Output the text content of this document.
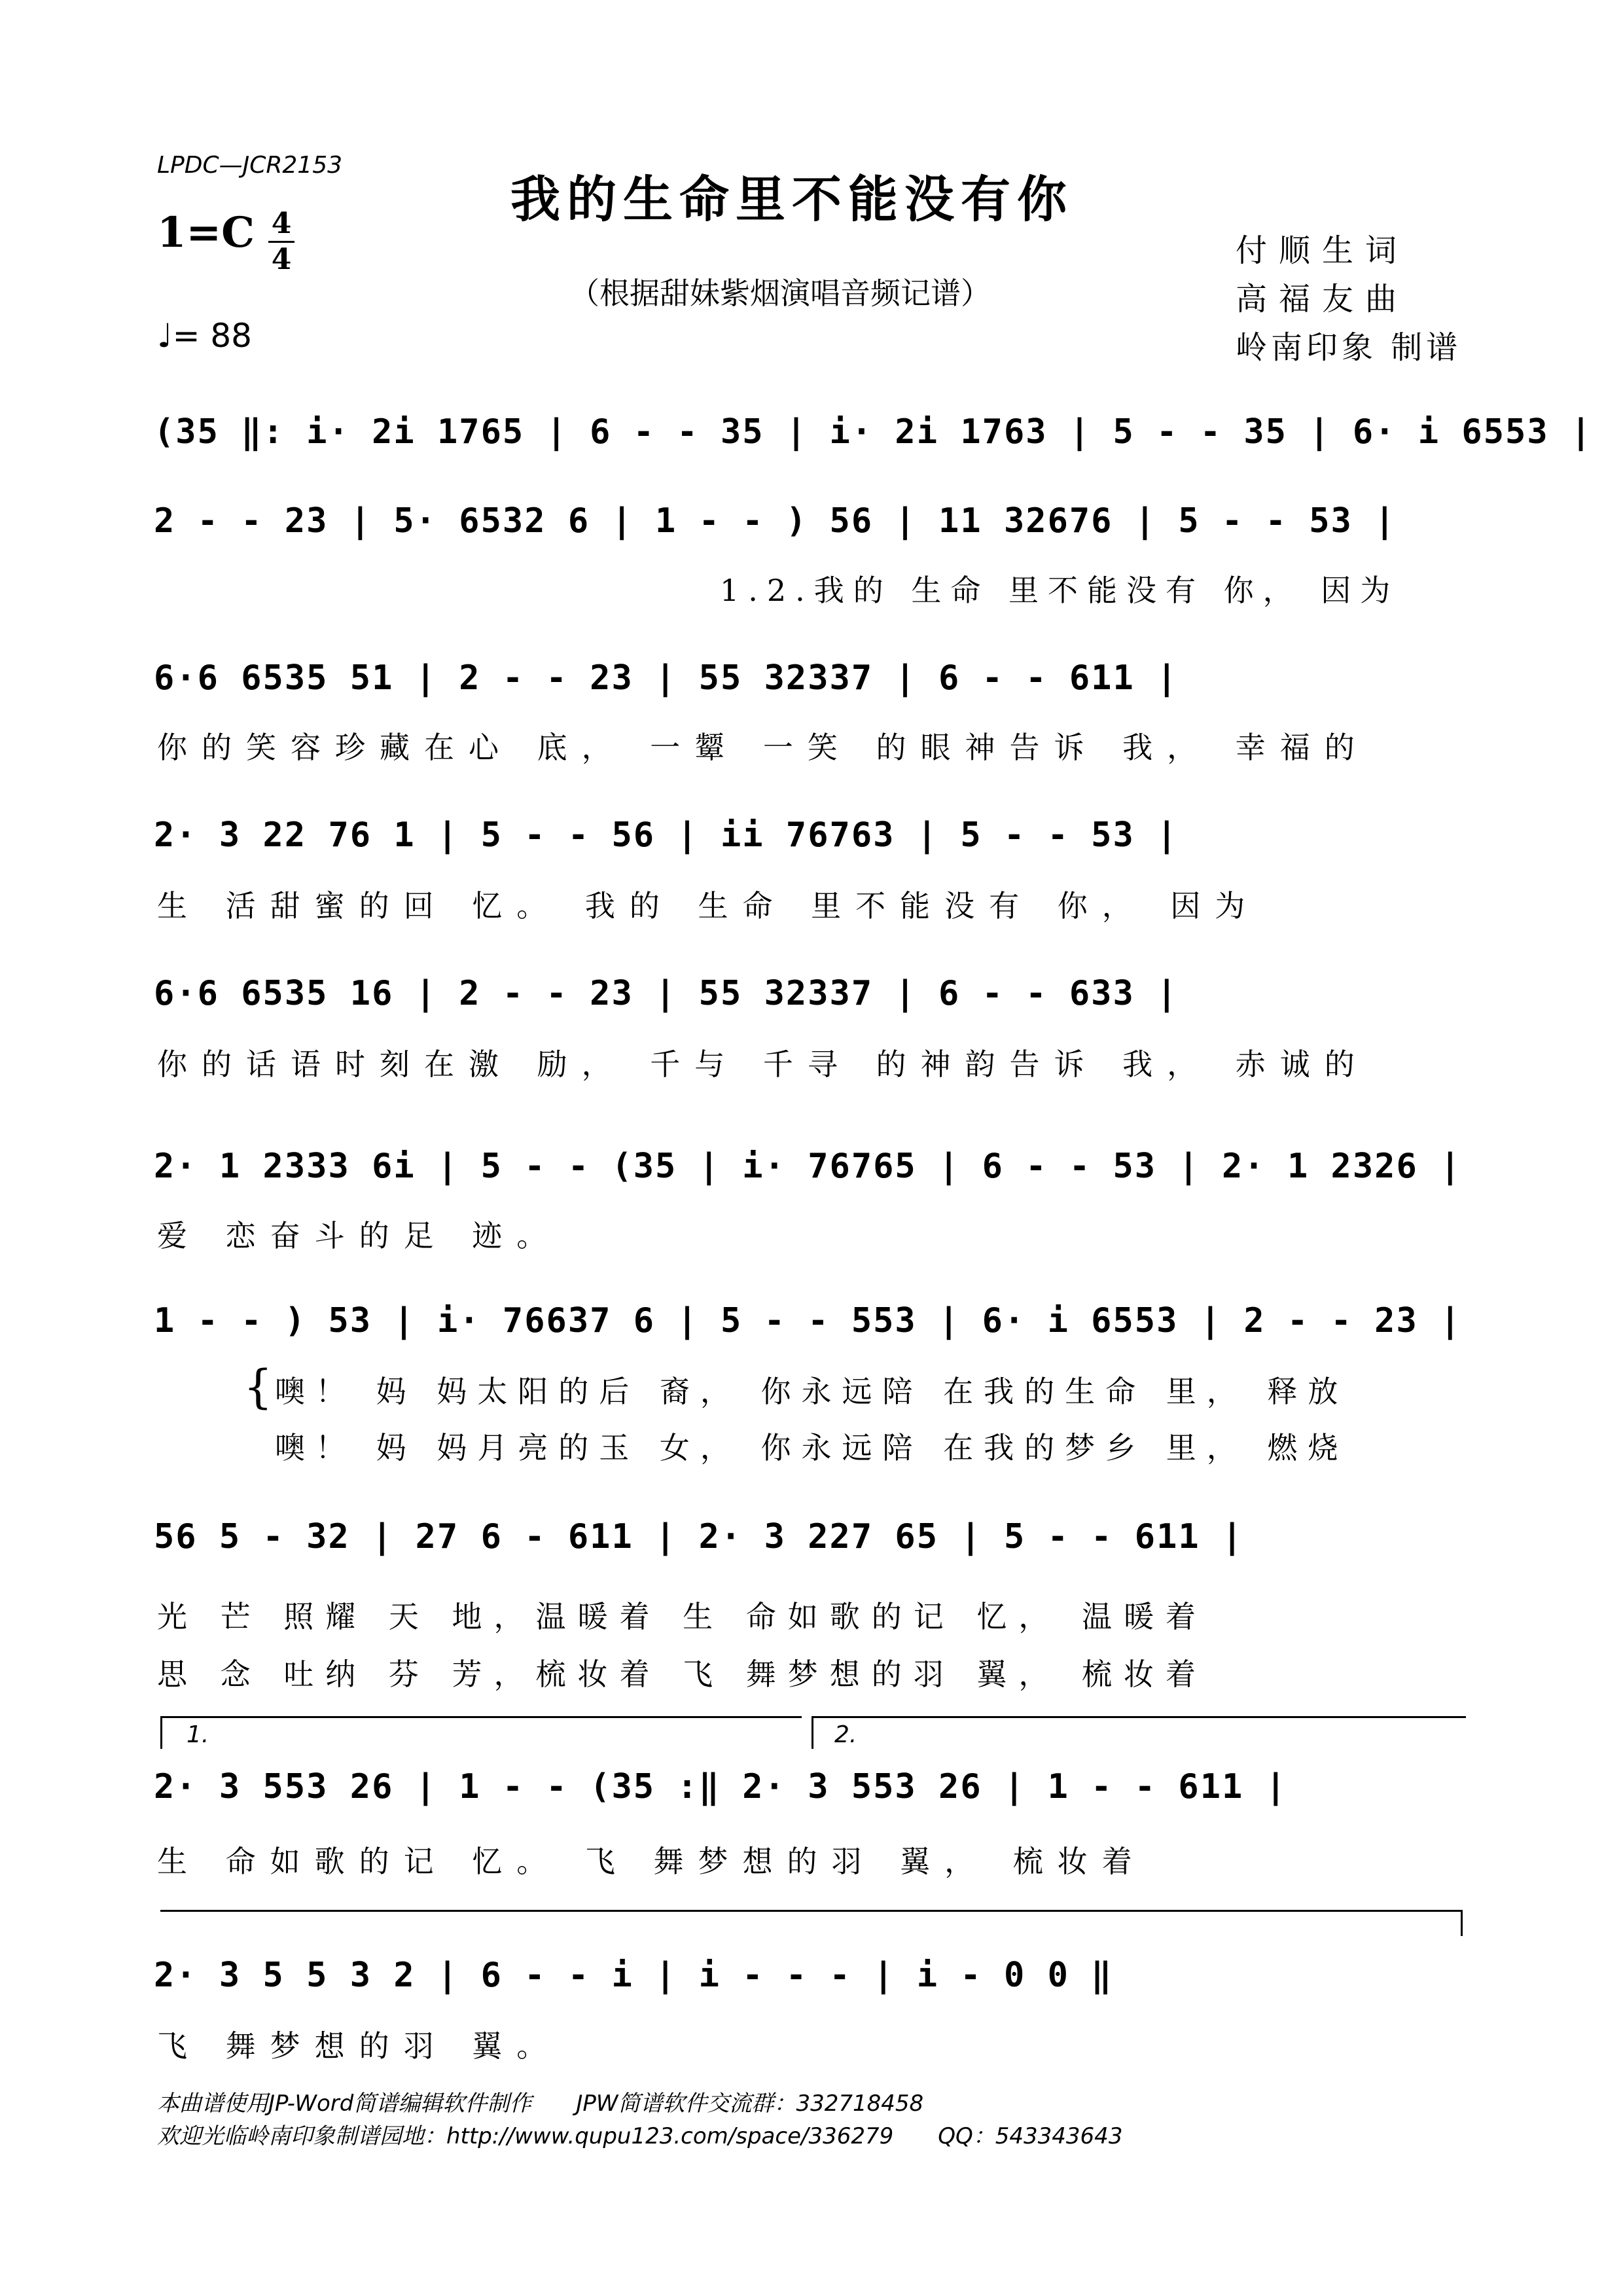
LPDC—JCR2153
我的生命里不能没有你
（根据甜妹紫烟演唱音频记谱）
1=C 4
4
♩= 88
付顺生词
高福友曲
岭南印象 制谱
(35 ‖: i· 2i 1765 | 6 - - 35 | i· 2i 1763 | 5 - - 35 | 6· i 6553 |
2 - - 23 | 5· 6532 6 | 1 - - ) 56 | 11 32676 | 5 - - 53 |
1.2.我的 生命 里不能没有 你， 因为
6·6 6535 51 | 2 - - 23 | 55 32337 | 6 - - 611 |
你的笑容珍藏在心 底， 一颦 一笑 的眼神告诉 我， 幸福的
2· 3 22 76 1 | 5 - - 56 | ii 76763 | 5 - - 53 |
生 活甜蜜的回 忆。 我的 生命 里不能没有 你， 因为
6·6 6535 16 | 2 - - 23 | 55 32337 | 6 - - 633 |
你的话语时刻在激 励， 千与 千寻 的神韵告诉 我， 赤诚的
2· 1 2333 6i | 5 - - (35 | i· 76765 | 6 - - 53 | 2· 1 2326 |
爱 恋奋斗的足 迹。
1 - - ) 53 | i· 76637 6 | 5 - - 553 | 6· i 6553 | 2 - - 23 |
{ 噢！ 妈 妈太阳的后 裔， 你永远陪 在我的生命 里， 释放
噢！ 妈 妈月亮的玉 女， 你永远陪 在我的梦乡 里， 燃烧
56 5 - 32 | 27 6 - 611 | 2· 3 227 65 | 5 - - 611 |
光 芒 照耀 天 地，温暖着 生 命如歌的记 忆， 温暖着
思 念 吐纳 芬 芳，梳妆着 飞 舞梦想的羽 翼， 梳妆着
1.	2.
2· 3 553 26 | 1 - - (35 :‖ 2· 3 553 26 | 1 - - 611 |
生 命如歌的记 忆。 飞 舞梦想的羽 翼， 梳妆着
2· 3 5 5 3 2 | 6 - - i | i - - - | i - 0 0 ‖
飞 舞梦想的羽 翼。
本曲谱使用JP-Word简谱编辑软件制作　　JPW简谱软件交流群：332718458
欢迎光临岭南印象制谱园地：http://www.qupu123.com/space/336279　　QQ：543343643
